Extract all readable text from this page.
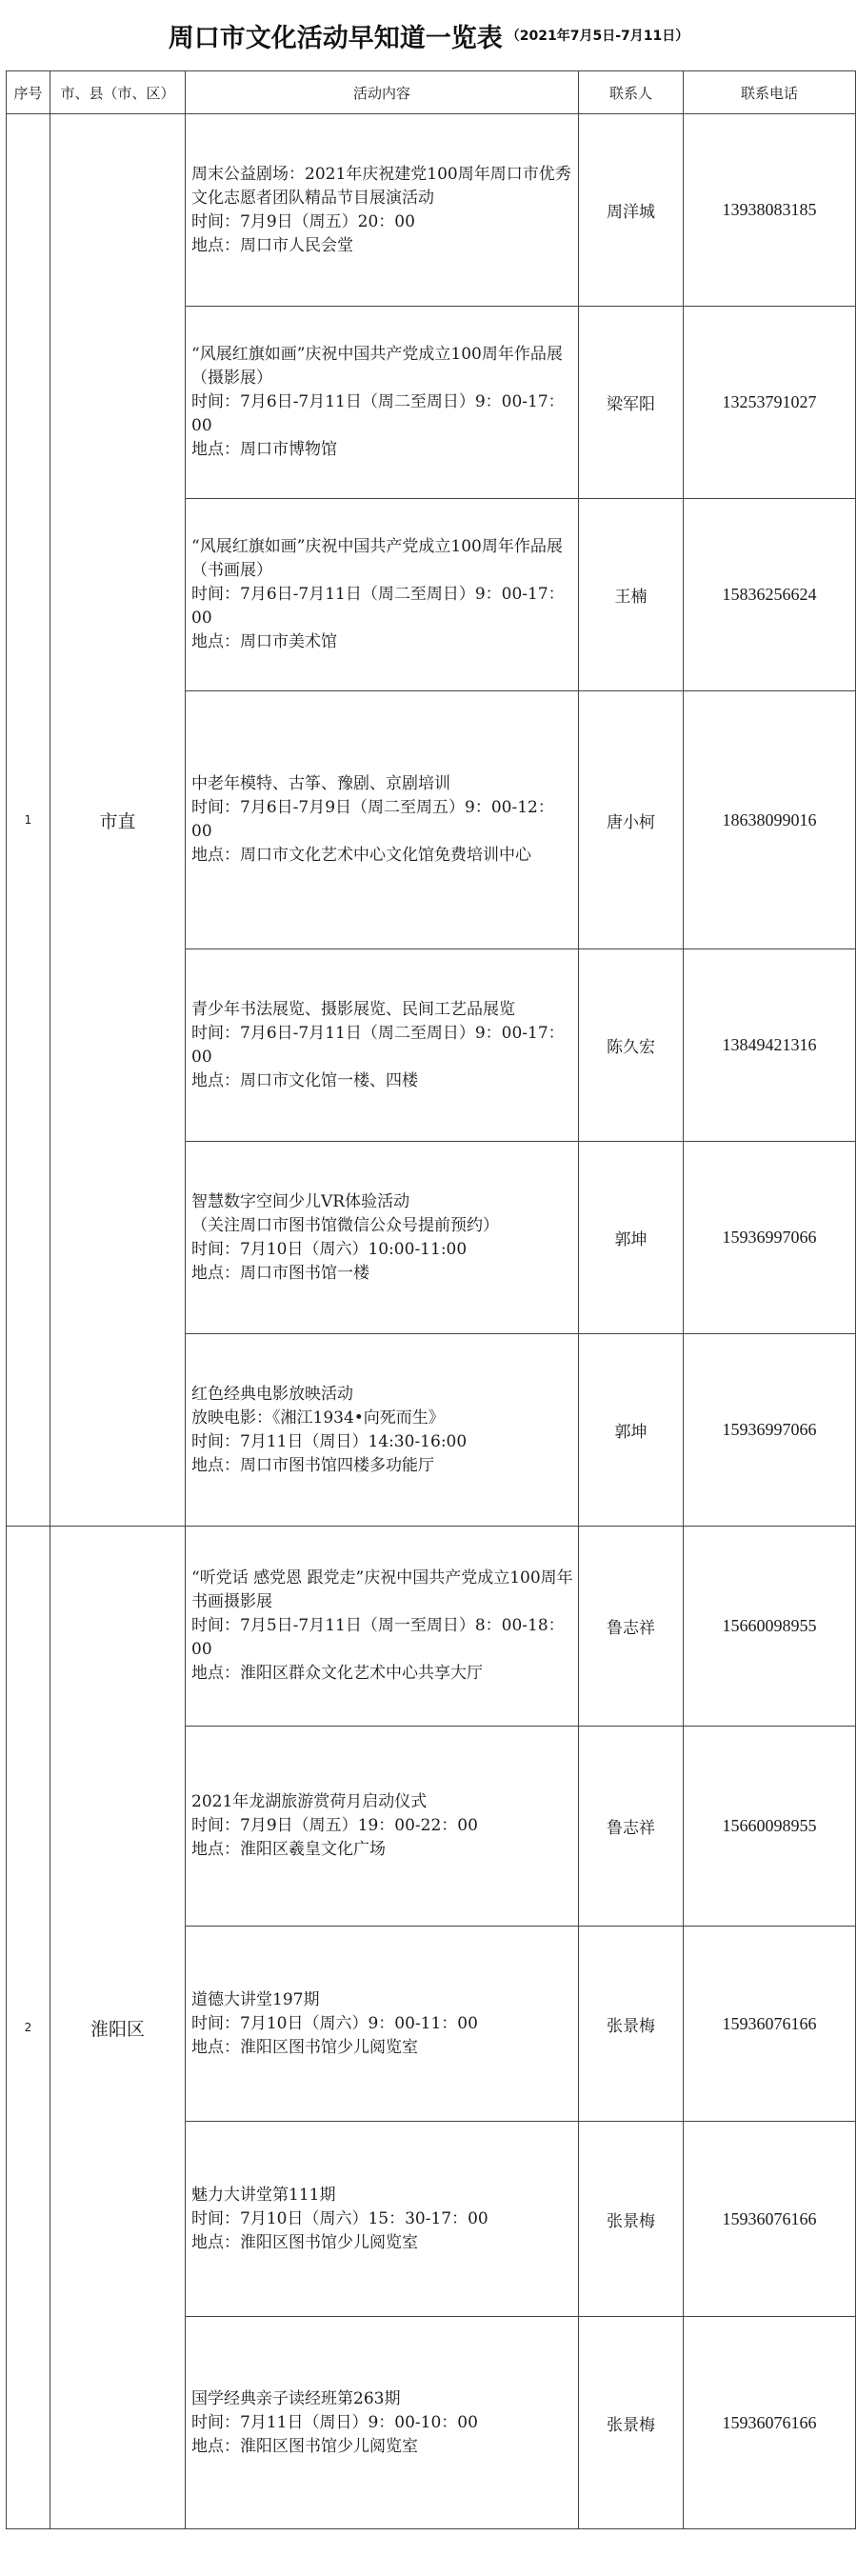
周口市文化活动早知道一览表 （2021年7月5日-7月11日）
序号	市、县（市、区）	活动内容	联系人	联系电话
1	市直	周末公益剧场：2021年庆祝建党100周年周口市优秀文化志愿者团队精品节目展演活动
时间：7月9日（周五）20：00
地点：周口市人民会堂	周洋城	13938083185
		“风展红旗如画”庆祝中国共产党成立100周年作品展（摄影展）
时间：7月6日-7月11日（周二至周日）9：00-17：00
地点：周口市博物馆	梁军阳	13253791027
		“风展红旗如画”庆祝中国共产党成立100周年作品展（书画展）
时间：7月6日-7月11日（周二至周日）9：00-17：00
地点：周口市美术馆	王楠	15836256624
		中老年模特、古筝、豫剧、京剧培训
时间：7月6日-7月9日（周二至周五）9：00-12：00
地点：周口市文化艺术中心文化馆免费培训中心	唐小柯	18638099016
		青少年书法展览、摄影展览、民间工艺品展览
时间：7月6日-7月11日（周二至周日）9：00-17：00
地点：周口市文化馆一楼、四楼	陈久宏	13849421316
		智慧数字空间少儿VR体验活动
（关注周口市图书馆微信公众号提前预约）
时间：7月10日（周六）10:00-11:00
地点：周口市图书馆一楼	郭坤	15936997066
		红色经典电影放映活动
放映电影：《湘江1934•向死而生》
时间：7月11日（周日）14:30-16:00
地点：周口市图书馆四楼多功能厅	郭坤	15936997066
2	淮阳区	“听党话 感党恩 跟党走”庆祝中国共产党成立100周年书画摄影展
时间：7月5日-7月11日（周一至周日）8：00-18：00
地点：淮阳区群众文化艺术中心共享大厅	鲁志祥	15660098955
		2021年龙湖旅游赏荷月启动仪式
时间：7月9日（周五）19：00-22：00
地点：淮阳区羲皇文化广场	鲁志祥	15660098955
		道德大讲堂197期
时间：7月10日（周六）9：00-11：00
地点：淮阳区图书馆少儿阅览室	张景梅	15936076166
		魅力大讲堂第111期
时间：7月10日（周六）15：30-17：00
地点：淮阳区图书馆少儿阅览室	张景梅	15936076166
		国学经典亲子读经班第263期
时间：7月11日（周日）9：00-10：00
地点：淮阳区图书馆少儿阅览室	张景梅	15936076166
